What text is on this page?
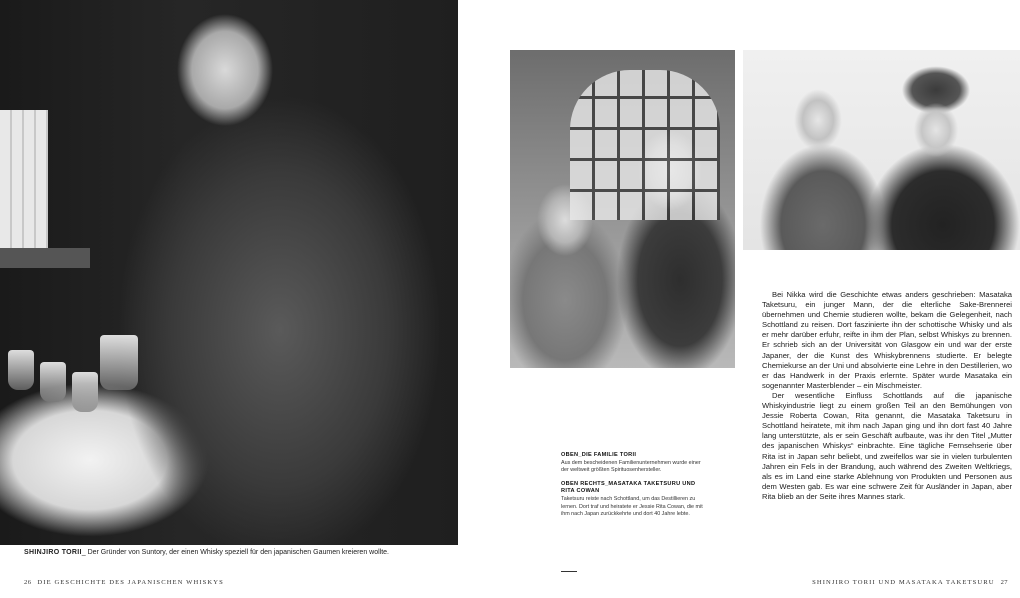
SHINJIRO TORII_ Der Gründer von Suntory, der einen Whisky speziell für den japanischen Gaumen kreieren wollte.
26 DIE GESCHICHTE DES JAPANISCHEN WHISKYS
OBEN_DIE FAMILIE TORII
Aus dem bescheidenen Familienunternehmen wurde einer der weltweit größten Spirituosenhersteller.
OBEN RECHTS_MASATAKA TAKETSURU UND RITA COWAN
Taketsuru reiste nach Schottland, um das Destillieren zu lernen. Dort traf und heiratete er Jessie Rita Cowan, die mit ihm nach Japan zurückkehrte und dort 40 Jahre lebte.

Bei Nikka wird die Geschichte etwas anders geschrieben: Masataka Taketsuru, ein junger Mann, der die elterliche Sake-Brennerei übernehmen und Chemie studieren wollte, bekam die Gelegenheit, nach Schottland zu reisen. Dort faszinierte ihn der schottische Whisky und als er mehr darüber erfuhr, reifte in ihm der Plan, selbst Whiskys zu brennen. Er schrieb sich an der Universität von Glasgow ein und war der erste Japaner, der die Kunst des Whiskybrennens studierte. Er belegte Chemiekurse an der Uni und absolvierte eine Lehre in den Destillerien, wo er das Handwerk in der Praxis erlernte. Später wurde Masataka ein sogenannter Masterblender – ein Mischmeister.

Der wesentliche Einfluss Schottlands auf die japanische Whiskyindustrie liegt zu einem großen Teil an den Bemühungen von Jessie Roberta Cowan, Rita genannt, die Masataka Taketsuru in Schottland heiratete, mit ihm nach Japan ging und ihn dort fast 40 Jahre lang unterstützte, als er sein Geschäft aufbaute, was ihr den Titel „Mutter des japanischen Whiskys“ einbrachte. Eine tägliche Fernsehserie über Rita ist in Japan sehr beliebt, und zweifellos war sie in vielen turbulenten Jahren ein Fels in der Brandung, auch während des Zweiten Weltkriegs, als es im Land eine starke Ablehnung von Produkten und Personen aus dem Westen gab. Es war eine schwere Zeit für Ausländer in Japan, aber Rita blieb an der Seite ihres Mannes stark.

SHINJIRO TORII UND MASATAKA TAKETSURU 27
